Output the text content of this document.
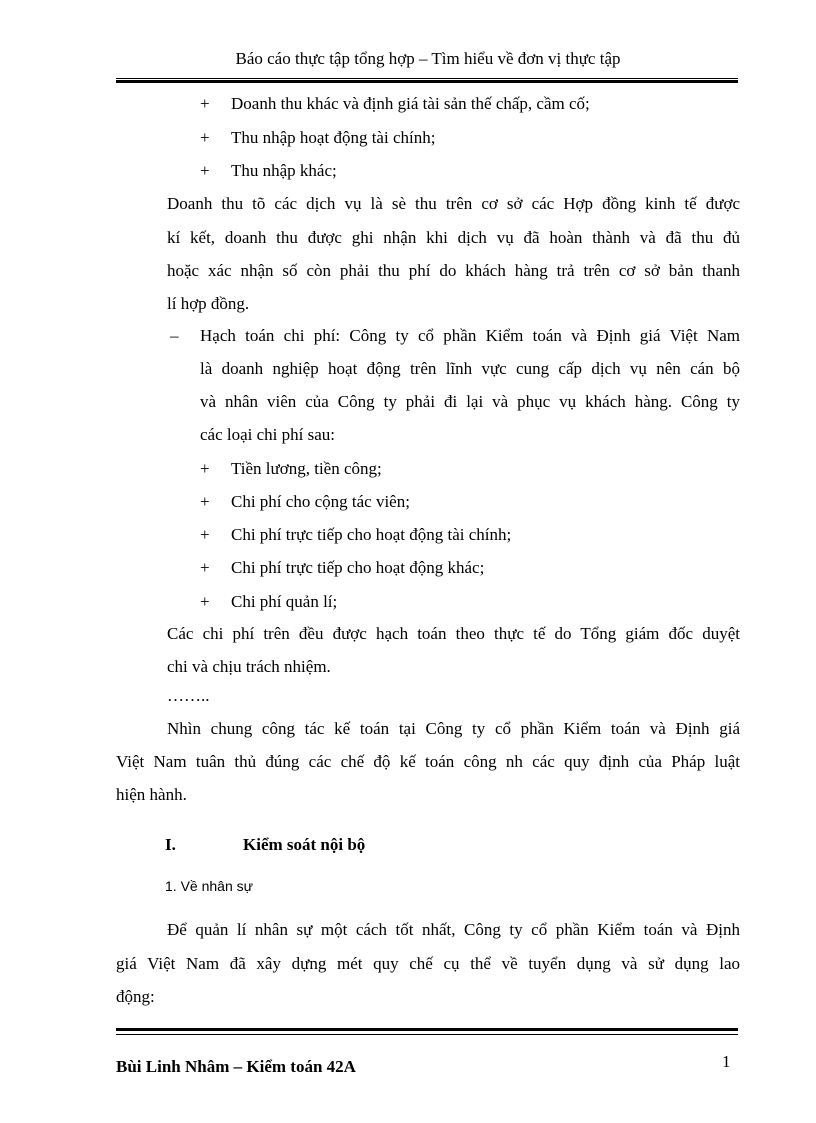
Báo cáo thực tập tổng hợp – Tìm hiểu về đơn vị thực tập
+ Doanh thu khác và định giá tài sản thế chấp, cầm cố;
+ Thu nhập hoạt động tài chính;
+ Thu nhập khác;
Doanh thu tõ các dịch vụ là sè thu trên cơ sở các Hợp đồng kinh tế được
kí kết, doanh thu được ghi nhận khi dịch vụ đã hoàn thành và đã thu đủ
hoặc xác nhận số còn phải thu phí do khách hàng trả trên cơ sở bản thanh
lí hợp đồng.
– Hạch toán chi phí: Công ty cổ phần Kiểm toán và Định giá Việt Nam
là doanh nghiệp hoạt động trên lĩnh vực cung cấp dịch vụ nên cán bộ
và nhân viên của Công ty phải đi lại và phục vụ khách hàng. Công ty
các loại chi phí sau:
+ Tiền lương, tiền công;
+ Chi phí cho cộng tác viên;
+ Chi phí trực tiếp cho hoạt động tài chính;
+ Chi phí trực tiếp cho hoạt động khác;
+ Chi phí quản lí;
Các chi phí trên đều được hạch toán theo thực tế do Tổng giám đốc duyệt
chi và chịu trách nhiệm.
……..
Nhìn chung công tác kế toán tại Công ty cổ phần Kiểm toán và Định giá
Việt Nam tuân thủ đúng các chế độ kế toán công nh các quy định của Pháp luật
hiện hành.
I.	Kiểm soát nội bộ
1. Về nhân sự
Để quản lí nhân sự một cách tốt nhất, Công ty cổ phần Kiểm toán và Định
giá Việt Nam đã xây dựng mét quy chế cụ thể về tuyển dụng và sử dụng lao
động:
Bùi Linh Nhâm – Kiểm toán 42A	1
